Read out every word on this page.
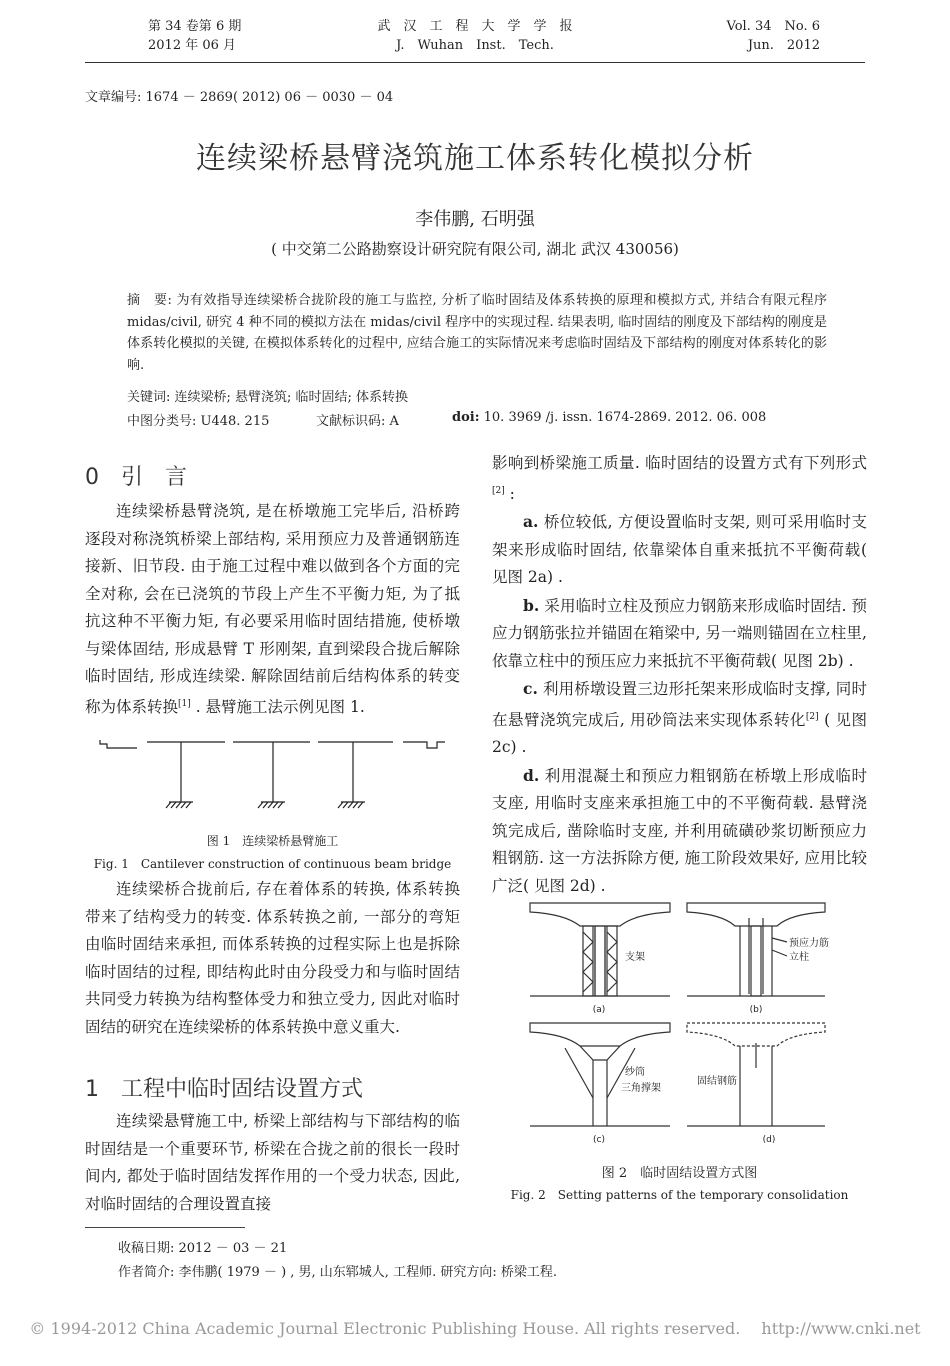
第 34 卷第 6 期
2012 年 06 月
武　汉　工　程　大　学　学　报
J.　Wuhan　Inst.　Tech.
Vol. 34　No. 6
Jun.　2012
文章编号: 1674 － 2869( 2012) 06 － 0030 － 04
连续梁桥悬臂浇筑施工体系转化模拟分析
李伟鹏, 石明强
( 中交第二公路勘察设计研究院有限公司, 湖北 武汉 430056)
摘　要: 为有效指导连续梁桥合拢阶段的施工与监控, 分析了临时固结及体系转换的原理和模拟方式, 并结合有限元程序 midas/civil, 研究 4 种不同的模拟方法在 midas/civil 程序中的实现过程. 结果表明, 临时固结的刚度及下部结构的刚度是体系转化模拟的关键, 在模拟体系转化的过程中, 应结合施工的实际情况来考虑临时固结及下部结构的刚度对体系转化的影响.
关键词: 连续梁桥; 悬臂浇筑; 临时固结; 体系转换
中图分类号: U448. 215	文献标识码: A	doi: 10. 3969 /j. issn. 1674-2869. 2012. 06. 008
0　引　言

连续梁桥悬臂浇筑, 是在桥墩施工完毕后, 沿桥跨逐段对称浇筑桥梁上部结构, 采用预应力及普通钢筋连接新、旧节段. 由于施工过程中难以做到各个方面的完全对称, 会在已浇筑的节段上产生不平衡力矩, 为了抵抗这种不平衡力矩, 有必要采用临时固结措施, 使桥墩与梁体固结, 形成悬臂 T 形刚架, 直到梁段合拢后解除临时固结, 形成连续梁. 解除固结前后结构体系的转变称为体系转换[1] . 悬臂施工法示例见图 1.

图 1　连续梁桥悬臂施工
Fig. 1　Cantilever construction of continuous beam bridge

连续梁桥合拢前后, 存在着体系的转换, 体系转换带来了结构受力的转变. 体系转换之前, 一部分的弯矩由临时固结来承担, 而体系转换的过程实际上也是拆除临时固结的过程, 即结构此时由分段受力和与临时固结共同受力转换为结构整体受力和独立受力, 因此对临时固结的研究在连续梁桥的体系转换中意义重大.

1　工程中临时固结设置方式

连续梁悬臂施工中, 桥梁上部结构与下部结构的临时固结是一个重要环节, 桥梁在合拢之前的很长一段时间内, 都处于临时固结发挥作用的一个受力状态, 因此, 对临时固结的合理设置直接

影响到桥梁施工质量. 临时固结的设置方式有下列形式[2] :

a. 桥位较低, 方便设置临时支架, 则可采用临时支架来形成临时固结, 依靠梁体自重来抵抗不平衡荷载( 见图 2a) .

b. 采用临时立柱及预应力钢筋来形成临时固结. 预应力钢筋张拉并锚固在箱梁中, 另一端则锚固在立柱里, 依靠立柱中的预压应力来抵抗不平衡荷载( 见图 2b) .

c. 利用桥墩设置三边形托架来形成临时支撑, 同时在悬臂浇筑完成后, 用砂筒法来实现体系转化[2] ( 见图 2c) .

d. 利用混凝土和预应力粗钢筋在桥墩上形成临时支座, 用临时支座来承担施工中的不平衡荷载. 悬臂浇筑完成后, 凿除临时支座, 并利用硫磺砂浆切断预应力粗钢筋. 这一方法拆除方便, 施工阶段效果好, 应用比较广泛( 见图 2d) .

支架
预应力筋
立柱
纱筒
三角撑架
固结钢筋
(a)	(b)
(c)	(d)
图 2　临时固结设置方式图
Fig. 2　Setting patterns of the temporary consolidation
收稿日期: 2012 － 03 － 21
作者简介: 李伟鹏( 1979 － ) , 男, 山东郓城人, 工程师. 研究方向: 桥梁工程.
© 1994-2012 China Academic Journal Electronic Publishing House. All rights reserved.　 http://www.cnki.net
